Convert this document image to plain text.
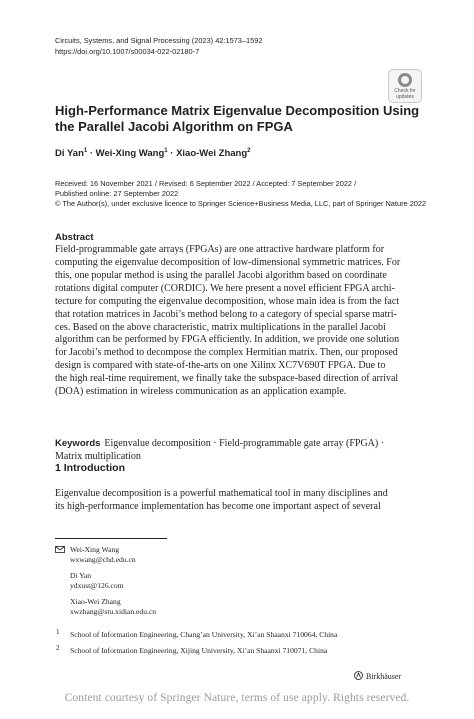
Circuits, Systems, and Signal Processing (2023) 42:1573–1592
https://doi.org/10.1007/s00034-022-02180-7
Check for
updates
High-Performance Matrix Eigenvalue Decomposition Using
the Parallel Jacobi Algorithm on FPGA
Di Yan$^1$ · Wei-Xing Wang$^1$ · Xiao-Wei Zhang$^2$
Received: 16 November 2021 / Revised: 6 September 2022 / Accepted: 7 September 2022 /
Published online: 27 September 2022
© The Author(s), under exclusive licence to Springer Science+Business Media, LLC, part of Springer Nature 2022
Abstract
Field-programmable gate arrays (FPGAs) are one attractive hardware platform for
computing the eigenvalue decomposition of low-dimensional symmetric matrices. For
this, one popular method is using the parallel Jacobi algorithm based on coordinate
rotations digital computer (CORDIC). We here present a novel efficient FPGA archi-
tecture for computing the eigenvalue decomposition, whose main idea is from the fact
that rotation matrices in Jacobi’s method belong to a category of special sparse matri-
ces. Based on the above characteristic, matrix multiplications in the parallel Jacobi
algorithm can be performed by FPGA efficiently. In addition, we provide one solution
for Jacobi’s method to decompose the complex Hermitian matrix. Then, our proposed
design is compared with state-of-the-arts on one Xilinx XC7V690T FPGA. Due to
the high real-time requirement, we finally take the subspace-based direction of arrival
(DOA) estimation in wireless communication as an application example.
Keywords Eigenvalue decomposition · Field-programmable gate array (FPGA) ·
Matrix multiplication
1 Introduction
Eigenvalue decomposition is a powerful mathematical tool in many disciplines and
its high-performance implementation has become one important aspect of several
Wei-Xing Wang
wxwang@chd.edu.cn
Di Yan
ydxust@126.com
Xiao-Wei Zhang
xwzhang@stu.xidian.edu.cn
1 School of Information Engineering, Chang’an University, Xi’an Shaanxi 710064, China
2 School of Information Engineering, Xijing University, Xi’an Shaanxi 710071, China
Birkhäuser
Content courtesy of Springer Nature, terms of use apply. Rights reserved.
